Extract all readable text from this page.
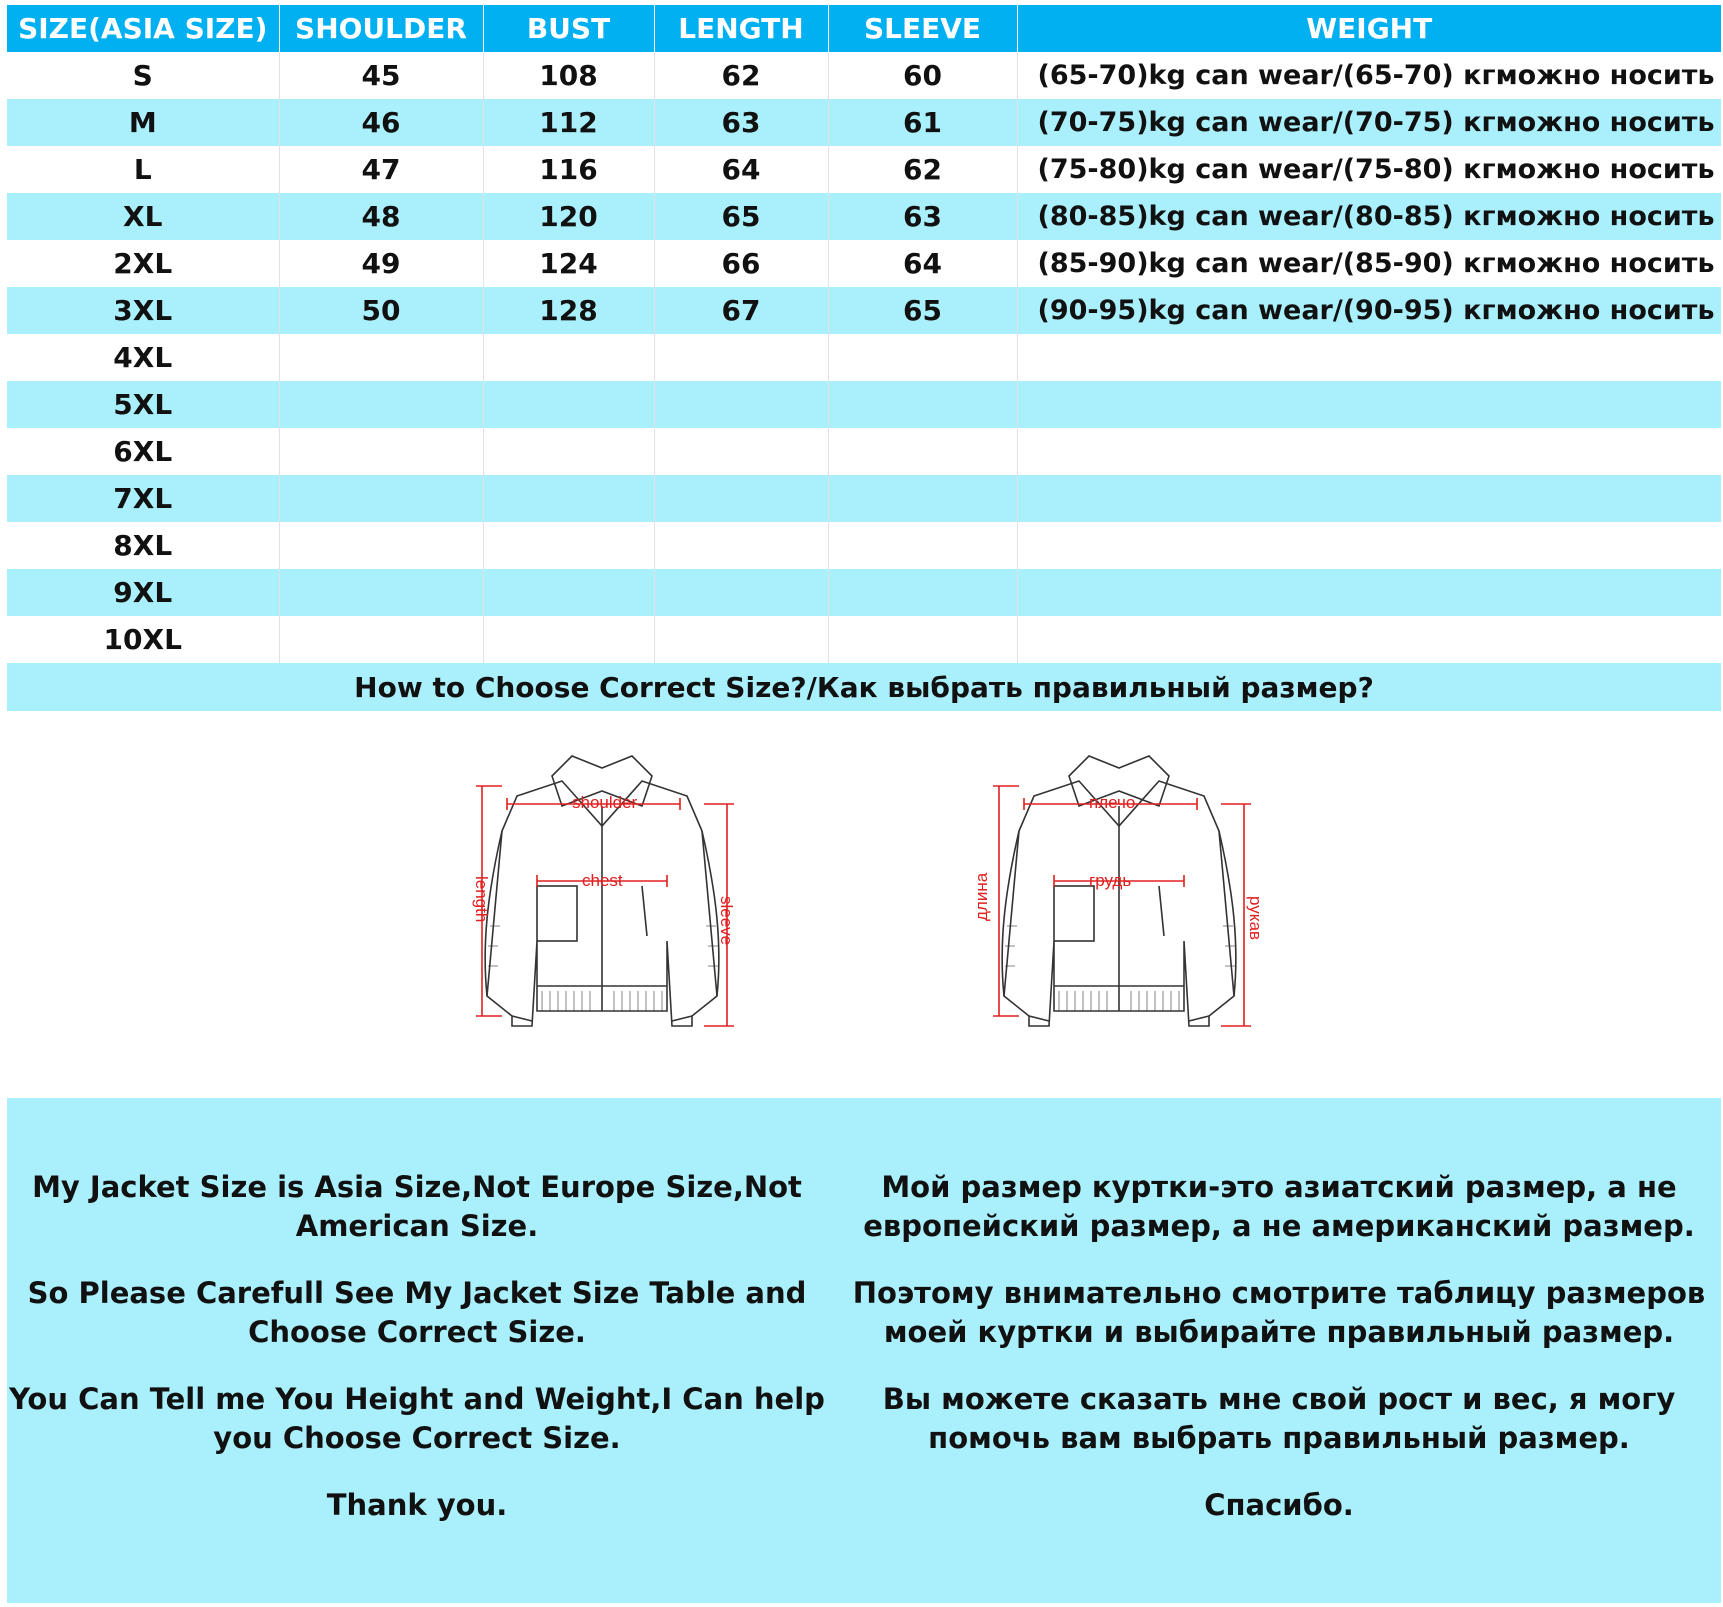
SIZE(ASIA SIZE)	SHOULDER	BUST	LENGTH	SLEEVE	WEIGHT
S	45	108	62	60	(65-70)kg can wear/(65-70) кгможно носить
M	46	112	63	61	(70-75)kg can wear/(70-75) кгможно носить
L	47	116	64	62	(75-80)kg can wear/(75-80) кгможно носить
XL	48	120	65	63	(80-85)kg can wear/(80-85) кгможно носить
2XL	49	124	66	64	(85-90)kg can wear/(85-90) кгможно носить
3XL	50	128	67	65	(90-95)kg can wear/(90-95) кгможно носить
4XL					
5XL					
6XL					
7XL					
8XL					
9XL					
10XL					
How to Choose Correct Size?/Как выбрать правильный размер?
shoulder
chest
length	sleeve
плечо
грудь
длина	рукав

My Jacket Size is Asia Size,Not Europe Size,Not American Size.

So Please Carefull See My Jacket Size Table and Choose Correct Size.

You Can Tell me You Height and Weight,I Can help you Choose Correct Size.

Thank you.

Мой размер куртки-это азиатский размер, а не европейский размер, а не американский размер.

Поэтому внимательно смотрите таблицу размеров моей куртки и выбирайте правильный размер.

Вы можете сказать мне свой рост и вес, я могу помочь вам выбрать правильный размер.

Спасибо.
